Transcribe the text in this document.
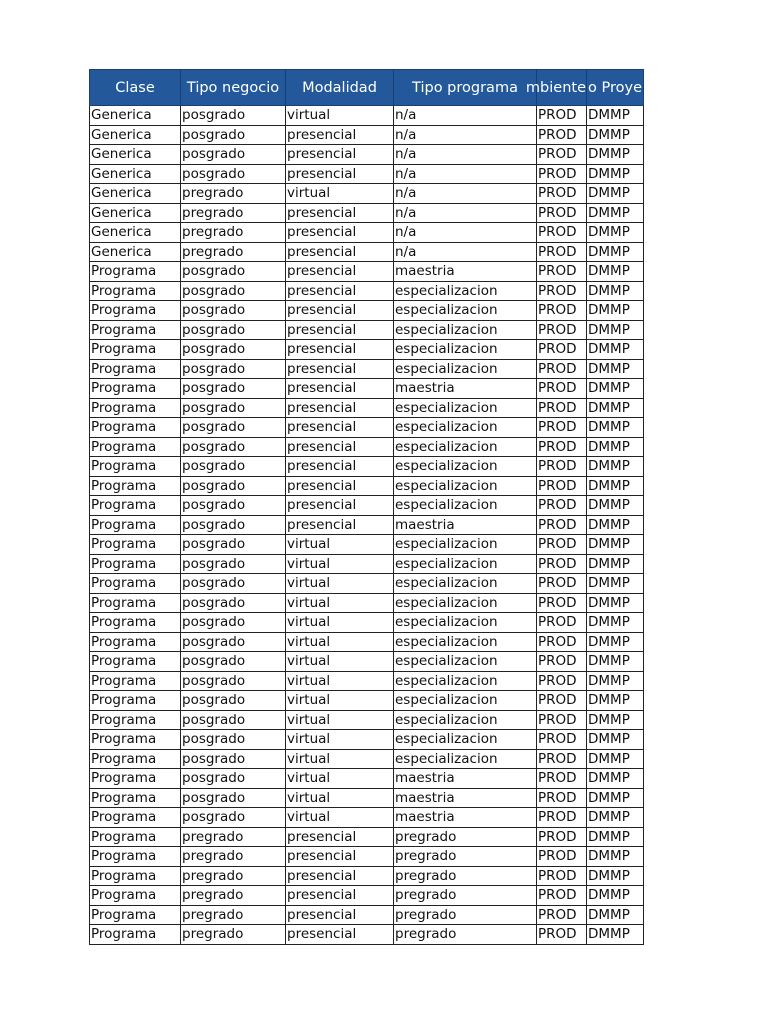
Clase	Tipo negocio	Modalidad	Tipo programa	mbiente	o Proye
Generica	posgrado	virtual	n/a	PROD	DMMP
Generica	posgrado	presencial	n/a	PROD	DMMP
Generica	posgrado	presencial	n/a	PROD	DMMP
Generica	posgrado	presencial	n/a	PROD	DMMP
Generica	pregrado	virtual	n/a	PROD	DMMP
Generica	pregrado	presencial	n/a	PROD	DMMP
Generica	pregrado	presencial	n/a	PROD	DMMP
Generica	pregrado	presencial	n/a	PROD	DMMP
Programa	posgrado	presencial	maestria	PROD	DMMP
Programa	posgrado	presencial	especializacion	PROD	DMMP
Programa	posgrado	presencial	especializacion	PROD	DMMP
Programa	posgrado	presencial	especializacion	PROD	DMMP
Programa	posgrado	presencial	especializacion	PROD	DMMP
Programa	posgrado	presencial	especializacion	PROD	DMMP
Programa	posgrado	presencial	maestria	PROD	DMMP
Programa	posgrado	presencial	especializacion	PROD	DMMP
Programa	posgrado	presencial	especializacion	PROD	DMMP
Programa	posgrado	presencial	especializacion	PROD	DMMP
Programa	posgrado	presencial	especializacion	PROD	DMMP
Programa	posgrado	presencial	especializacion	PROD	DMMP
Programa	posgrado	presencial	especializacion	PROD	DMMP
Programa	posgrado	presencial	maestria	PROD	DMMP
Programa	posgrado	virtual	especializacion	PROD	DMMP
Programa	posgrado	virtual	especializacion	PROD	DMMP
Programa	posgrado	virtual	especializacion	PROD	DMMP
Programa	posgrado	virtual	especializacion	PROD	DMMP
Programa	posgrado	virtual	especializacion	PROD	DMMP
Programa	posgrado	virtual	especializacion	PROD	DMMP
Programa	posgrado	virtual	especializacion	PROD	DMMP
Programa	posgrado	virtual	especializacion	PROD	DMMP
Programa	posgrado	virtual	especializacion	PROD	DMMP
Programa	posgrado	virtual	especializacion	PROD	DMMP
Programa	posgrado	virtual	especializacion	PROD	DMMP
Programa	posgrado	virtual	especializacion	PROD	DMMP
Programa	posgrado	virtual	maestria	PROD	DMMP
Programa	posgrado	virtual	maestria	PROD	DMMP
Programa	posgrado	virtual	maestria	PROD	DMMP
Programa	pregrado	presencial	pregrado	PROD	DMMP
Programa	pregrado	presencial	pregrado	PROD	DMMP
Programa	pregrado	presencial	pregrado	PROD	DMMP
Programa	pregrado	presencial	pregrado	PROD	DMMP
Programa	pregrado	presencial	pregrado	PROD	DMMP
Programa	pregrado	presencial	pregrado	PROD	DMMP
